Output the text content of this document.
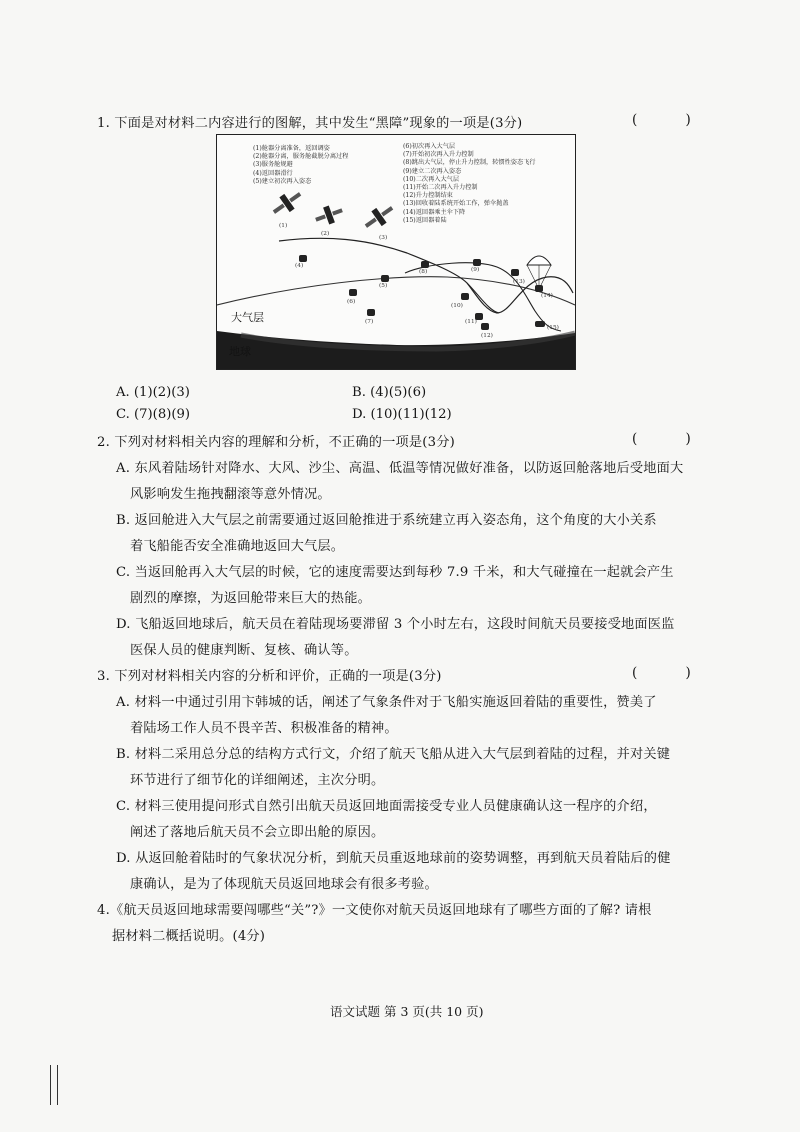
1. 下面是对材料二内容进行的图解，其中发生“黑障”现象的一项是(3分)	( )
(1)舱器分离准备，返回调姿
(2)舱器分离，服务舱截脱分离过程
(3)服务舱规避
(4)返回器滑行
(5)建立初次再入姿态
(6)初次再入大气层
(7)开始初次再入升力控制
(8)跳出大气层，停止升力控制，转惯性姿态飞行
(9)建立二次再入姿态
(10)二次再入大气层
(11)开始二次再入升力控制
(12)升力控制结束
(13)回收着陆系统开始工作，弹伞抛盖
(14)返回器乘主伞下降
(15)返回器着陆
(1)
(2)
(3)
(4)
(5)
(6)
(7)
(8)	(9)
(10)
(11)
(12)
(13)
(14)
(15)
大气层
地球
A. (1)(2)(3)	B. (4)(5)(6)
C. (7)(8)(9)	D. (10)(11)(12)
2. 下列对材料相关内容的理解和分析，不正确的一项是(3分)	( )
A. 东风着陆场针对降水、大风、沙尘、高温、低温等情况做好准备，以防返回舱落地后受地面大
风影响发生拖拽翻滚等意外情况。
B. 返回舱进入大气层之前需要通过返回舱推进于系统建立再入姿态角，这个角度的大小关系
着飞船能否安全准确地返回大气层。
C. 当返回舱再入大气层的时候，它的速度需要达到每秒 7.9 千米，和大气碰撞在一起就会产生
剧烈的摩擦，为返回舱带来巨大的热能。
D. 飞船返回地球后，航天员在着陆现场要滞留 3 个小时左右，这段时间航天员要接受地面医监
医保人员的健康判断、复核、确认等。
3. 下列对材料相关内容的分析和评价，正确的一项是(3分)	( )
A. 材料一中通过引用卞韩城的话，阐述了气象条件对于飞船实施返回着陆的重要性，赞美了
着陆场工作人员不畏辛苦、积极准备的精神。
B. 材料二采用总分总的结构方式行文，介绍了航天飞船从进入大气层到着陆的过程，并对关键
环节进行了细节化的详细阐述，主次分明。
C. 材料三使用提问形式自然引出航天员返回地面需接受专业人员健康确认这一程序的介绍，
阐述了落地后航天员不会立即出舱的原因。
D. 从返回舱着陆时的气象状况分析，到航天员重返地球前的姿势调整，再到航天员着陆后的健
康确认，是为了体现航天员返回地球会有很多考验。
4.《航天员返回地球需要闯哪些“关”?》一文使你对航天员返回地球有了哪些方面的了解? 请根
据材料二概括说明。(4分)
语文试题 第 3 页(共 10 页)
